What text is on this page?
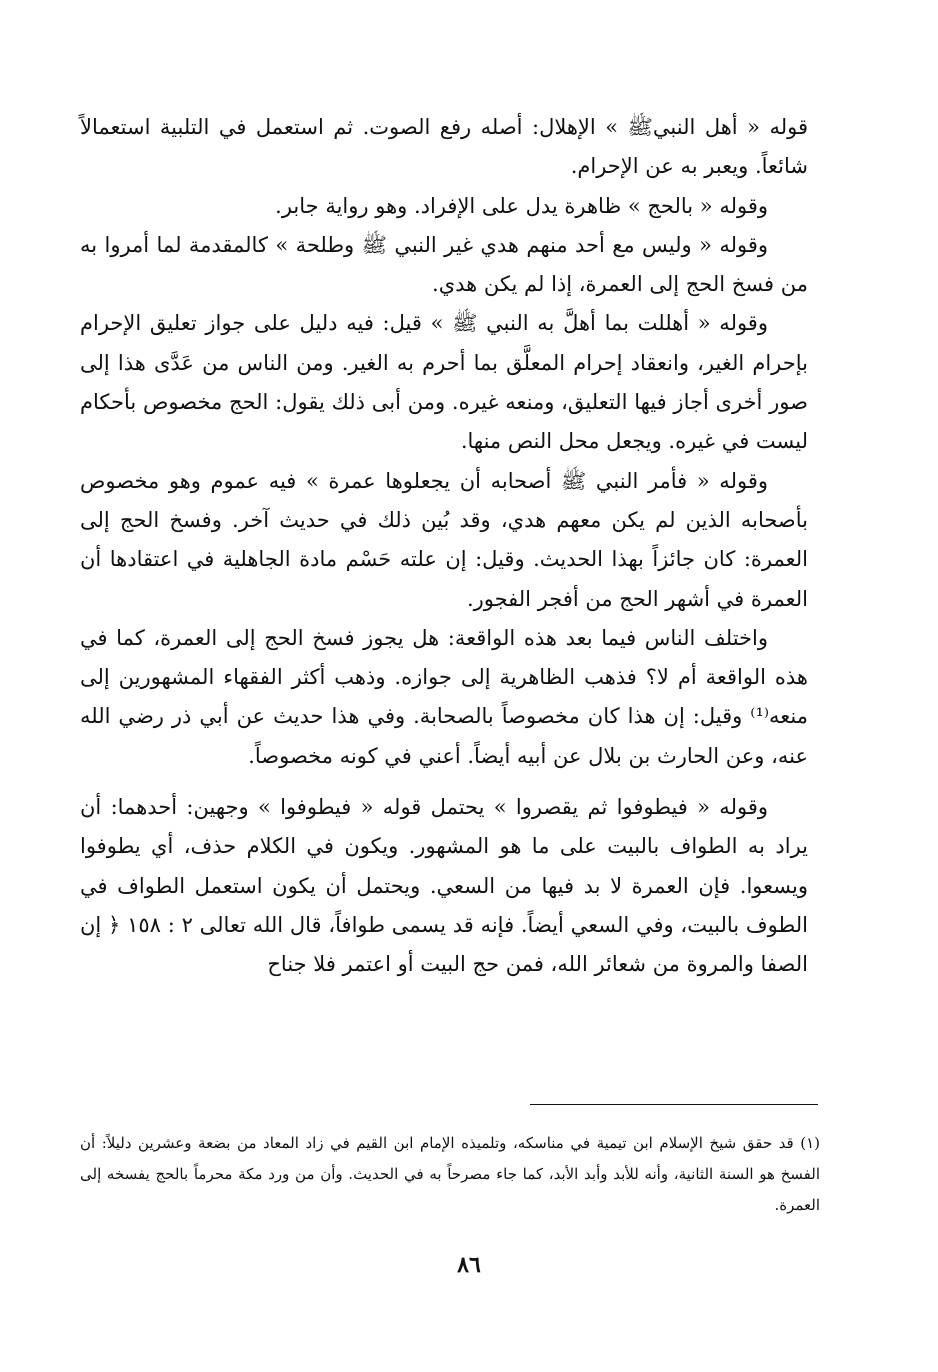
قوله « أهل النبيﷺ » الإهلال: أصله رفع الصوت. ثم استعمل في التلبية استعمالاً شائعاً. ويعبر به عن الإحرام.

وقوله « بالحج » ظاهرة يدل على الإفراد. وهو رواية جابر.

وقوله « وليس مع أحد منهم هدي غير النبي ﷺ وطلحة » كالمقدمة لما أمروا به من فسخ الحج إلى العمرة، إذا لم يكن هدي.

وقوله « أهللت بما أهلَّ به النبي ﷺ » قيل: فيه دليل على جواز تعليق الإحرام بإحرام الغير، وانعقاد إحرام المعلَّق بما أحرم به الغير. ومن الناس من عَدَّى هذا إلى صور أخرى أجاز فيها التعليق، ومنعه غيره. ومن أبى ذلك يقول: الحج مخصوص بأحكام ليست في غيره. ويجعل محل النص منها.

وقوله « فأمر النبي ﷺ أصحابه أن يجعلوها عمرة » فيه عموم وهو مخصوص بأصحابه الذين لم يكن معهم هدي، وقد بُين ذلك في حديث آخر. وفسخ الحج إلى العمرة: كان جائزاً بهذا الحديث. وقيل: إن علته حَسْم مادة الجاهلية في اعتقادها أن العمرة في أشهر الحج من أفجر الفجور.

واختلف الناس فيما بعد هذه الواقعة: هل يجوز فسخ الحج إلى العمرة، كما في هذه الواقعة أم لا؟ فذهب الظاهرية إلى جوازه. وذهب أكثر الفقهاء المشهورين إلى منعه⁽¹⁾ وقيل: إن هذا كان مخصوصاً بالصحابة. وفي هذا حديث عن أبي ذر رضي الله عنه، وعن الحارث بن بلال عن أبيه أيضاً. أعني في كونه مخصوصاً.

وقوله « فيطوفوا ثم يقصروا » يحتمل قوله « فيطوفوا » وجهين: أحدهما: أن يراد به الطواف بالبيت على ما هو المشهور. ويكون في الكلام حذف، أي يطوفوا ويسعوا. فإن العمرة لا بد فيها من السعي. ويحتمل أن يكون استعمل الطواف في الطوف بالبيت، وفي السعي أيضاً. فإنه قد يسمى طوافاً، قال الله تعالى ٢ : ١٥٨ ﴿ إن الصفا والمروة من شعائر الله، فمن حج البيت أو اعتمر فلا جناح

(١) قد حقق شيخ الإسلام ابن تيمية في مناسكه، وتلميذه الإمام ابن القيم في زاد المعاد من بضعة وعشرين دليلاً: أن الفسخ هو السنة الثانية، وأنه للأبد وأبد الأبد، كما جاء مصرحاً به في الحديث. وأن من ورد مكة محرماً بالحج يفسخه إلى العمرة.

٨٦
